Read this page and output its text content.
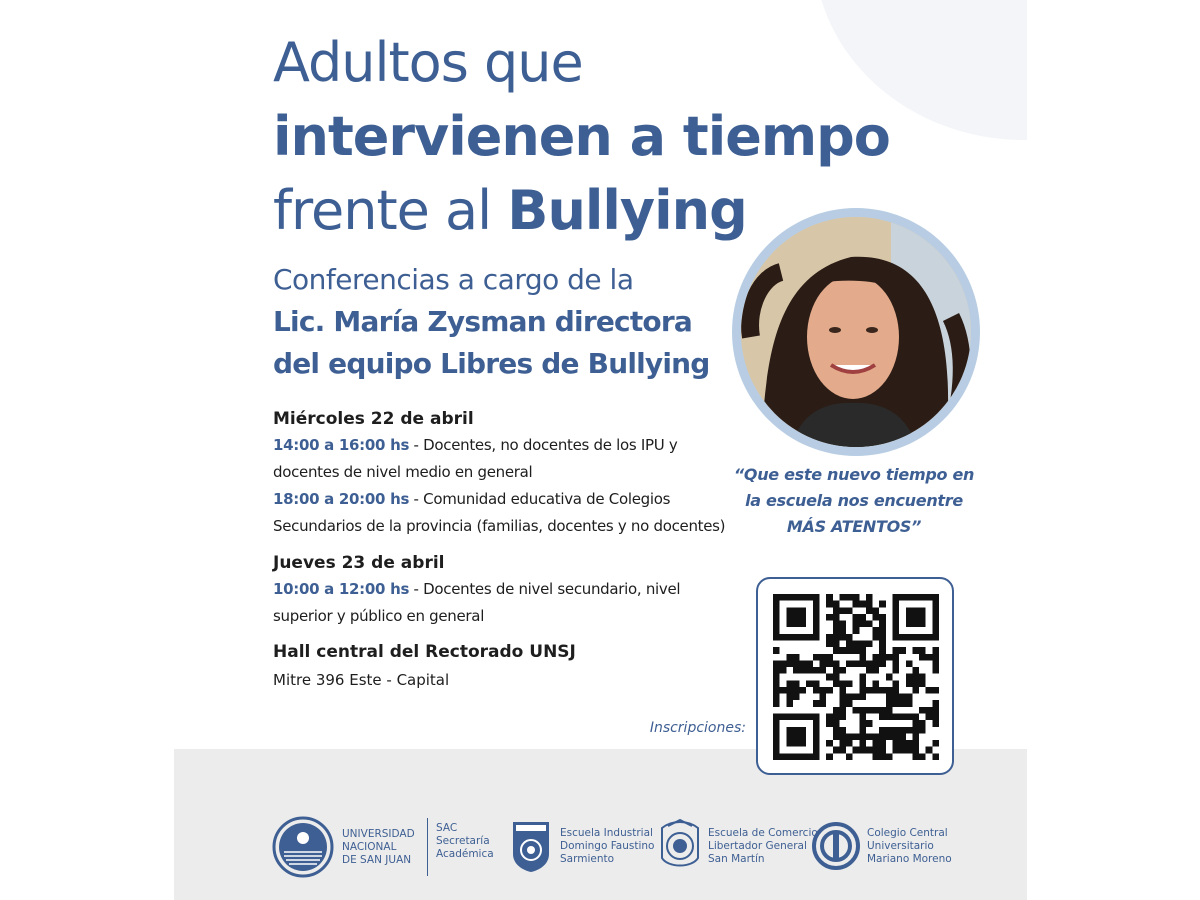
Adultos que
intervienen a tiempo
frente al Bullying
Conferencias a cargo de la
Lic. María Zysman directora
del equipo Libres de Bullying
Miércoles 22 de abril
14:00 a 16:00 hs - Docentes, no docentes de los IPU y docentes de nivel medio en general
18:00 a 20:00 hs - Comunidad educativa de Colegios Secundarios de la provincia (familias, docentes y no docentes)
Jueves 23 de abril
10:00 a 12:00 hs - Docentes de nivel secundario, nivel superior y público en general
Hall central del Rectorado UNSJ
Mitre 396 Este - Capital
“Que este nuevo tiempo en
la escuela nos encuentre
MÁS ATENTOS”
Inscripciones:
UNIVERSIDAD
NACIONAL
DE SAN JUAN
SAC
Secretaría
Académica
Escuela Industrial
Domingo Faustino
Sarmiento
Escuela de Comercio
Libertador General
San Martín
Colegio Central
Universitario
Mariano Moreno
